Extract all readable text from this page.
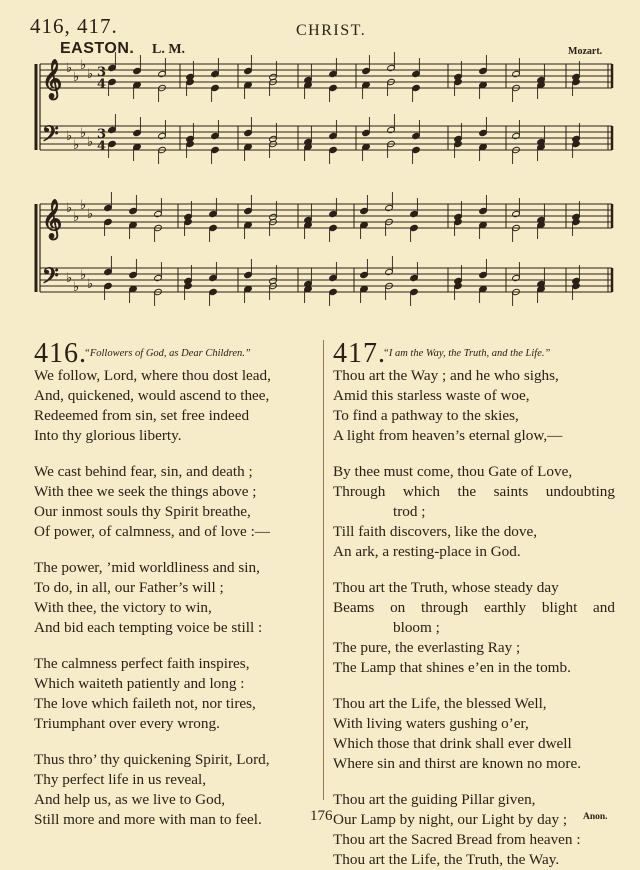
416, 417.	CHRIST.
EASTON. L. M.	Mozart.
𝄞 ♭
♭
♭
♭ 3
4
𝄢 ♭
♭
♭
♭
3
4
𝄞 ♭
♭
♭
♭
𝄢 ♭
♭
♭
♭
416.
“Followers of God, as Dear Children.”
We follow, Lord, where thou dost lead,
And, quickened, would ascend to thee,
Redeemed from sin, set free indeed
Into thy glorious liberty.
We cast behind fear, sin, and death ;
With thee we seek the things above ;
Our inmost souls thy Spirit breathe,
Of power, of calmness, and of love :—
The power, ’mid worldliness and sin,
To do, in all, our Father’s will ;
With thee, the victory to win,
And bid each tempting voice be still :
The calmness perfect faith inspires,
Which waiteth patiently and long :
The love which faileth not, nor tires,
Triumphant over every wrong.
Thus thro’ thy quickening Spirit, Lord,
Thy perfect life in us reveal,
And help us, as we live to God,
Still more and more with man to feel.
417.
“I am the Way, the Truth, and the Life.”
Thou art the Way ; and he who sighs,
Amid this starless waste of woe,
To find a pathway to the skies,
A light from heaven’s eternal glow,—
By thee must come, thou Gate of Love,
Through which the saints undoubting
trod ;
Till faith discovers, like the dove,
An ark, a resting-place in God.
Thou art the Truth, whose steady day
Beams on through earthly blight and
bloom ;
The pure, the everlasting Ray ;
The Lamp that shines e’en in the tomb.
Thou art the Life, the blessed Well,
With living waters gushing o’er,
Which those that drink shall ever dwell
Where sin and thirst are known no more.
Thou art the guiding Pillar given,
Our Lamp by night, our Light by day ;
Thou art the Sacred Bread from heaven :
Thou art the Life, the Truth, the Way.
176	Anon.
